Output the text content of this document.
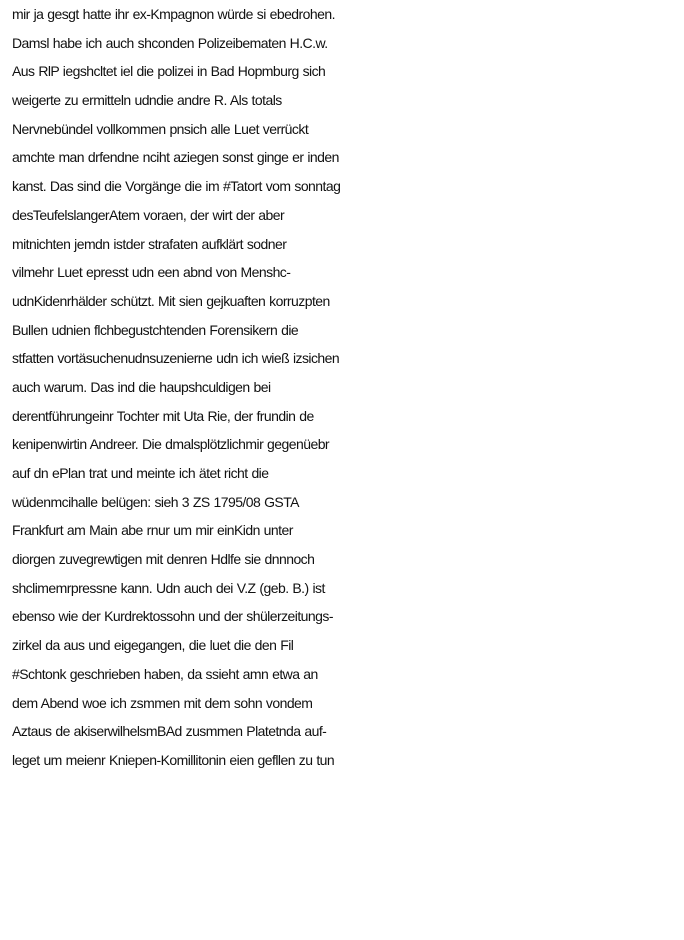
mir ja gesgt hatte ihr ex-Kmpagnon würde si ebedrohen.
Damsl habe ich auch shconden Polizeibematen H.C.w.
Aus RlP iegshcltet iel die polizei in Bad Hopmburg sich
weigerte zu ermitteln udndie andre R. Als totals
Nervnebündel vollkommen pnsich alle Luet verrückt
amchte man drfendne nciht aziegen sonst ginge er inden
kanst. Das sind die Vorgänge die im #Tatort vom sonntag
desTeufelslangerAtem voraen, der wirt der aber
mitnichten jemdn istder strafaten aufklärt sodner
vilmehr Luet epresst udn een abnd von Menshc-
udnKidenrhälder schützt. Mit sien gejkuaften korruzpten
Bullen udnien flchbegustchtenden Forensikern die
stfatten vortäsuchenudnsuzenierne udn ich wieß izsichen
auch warum. Das ind die haupshculdigen bei
derentführungeinr Tochter mit Uta Rie, der frundin de
kenipenwirtin Andreer. Die dmalsplötzlichmir gegenüebr
auf dn ePlan trat und meinte ich ätet richt die
wüdenmcihalle belügen: sieh 3 ZS 1795/08 GSTA
Frankfurt am Main abe rnur um mir einKidn unter
diorgen zuvegrewtigen mit denren Hdlfe sie dnnnoch
shclimemrpressne kann. Udn auch dei V.Z (geb. B.) ist
ebenso wie der Kurdrektossohn und der shülerzeitungs-
zirkel da aus und eigegangen, die luet die den Fil
#Schtonk geschrieben haben, da ssieht amn etwa an
dem Abend woe ich zsmmen mit dem sohn vondem
Aztaus de akiserwilhelsmBAd zusmmen Platetnda auf-
leget um meienr Kniepen-Komillitonin eien gefllen zu tun
